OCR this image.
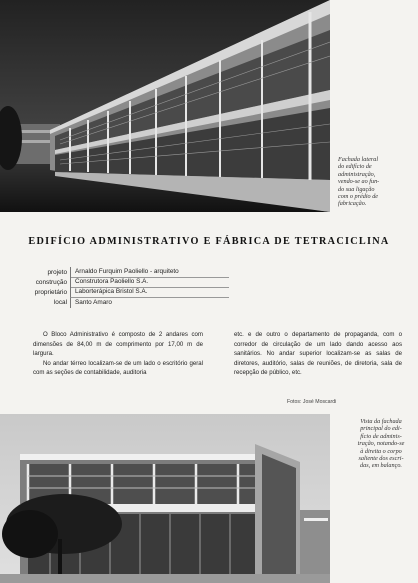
Fachada lateral
do edifício de
administração,
vendo-se ao fun-
do sua ligação
com o prédio de
fabricação.
EDIFÍCIO ADMINISTRATIVO E FÁBRICA DE TETRACICLINA
projeto	Arnaldo Furquim Paoliello - arquiteto
construção	Construtora Paoliello S.A.
proprietário	Laborterápica Bristol S.A.
local	Santo Amaro

O Bloco Administrativo é composto de 2 andares com dimensões de 84,00 m de comprimento por 17,00 m de largura.

No andar térreo localizam-se de um lado o escritório geral com as seções de contabilidade, auditoria

etc. e de outro o departamento de propaganda, com o corredor de circulação de um lado dando acesso aos sanitários. No andar superior localizam-se as salas de diretores, auditório, salas de reuniões, de diretoria, sala de recepção de público, etc.

Fotos: José Moscardi
Vista da fachada
principal do edi-
fício de adminis-
tração, notando-se
à direita o corpo
saliente dos escri-
das, em balanço.
